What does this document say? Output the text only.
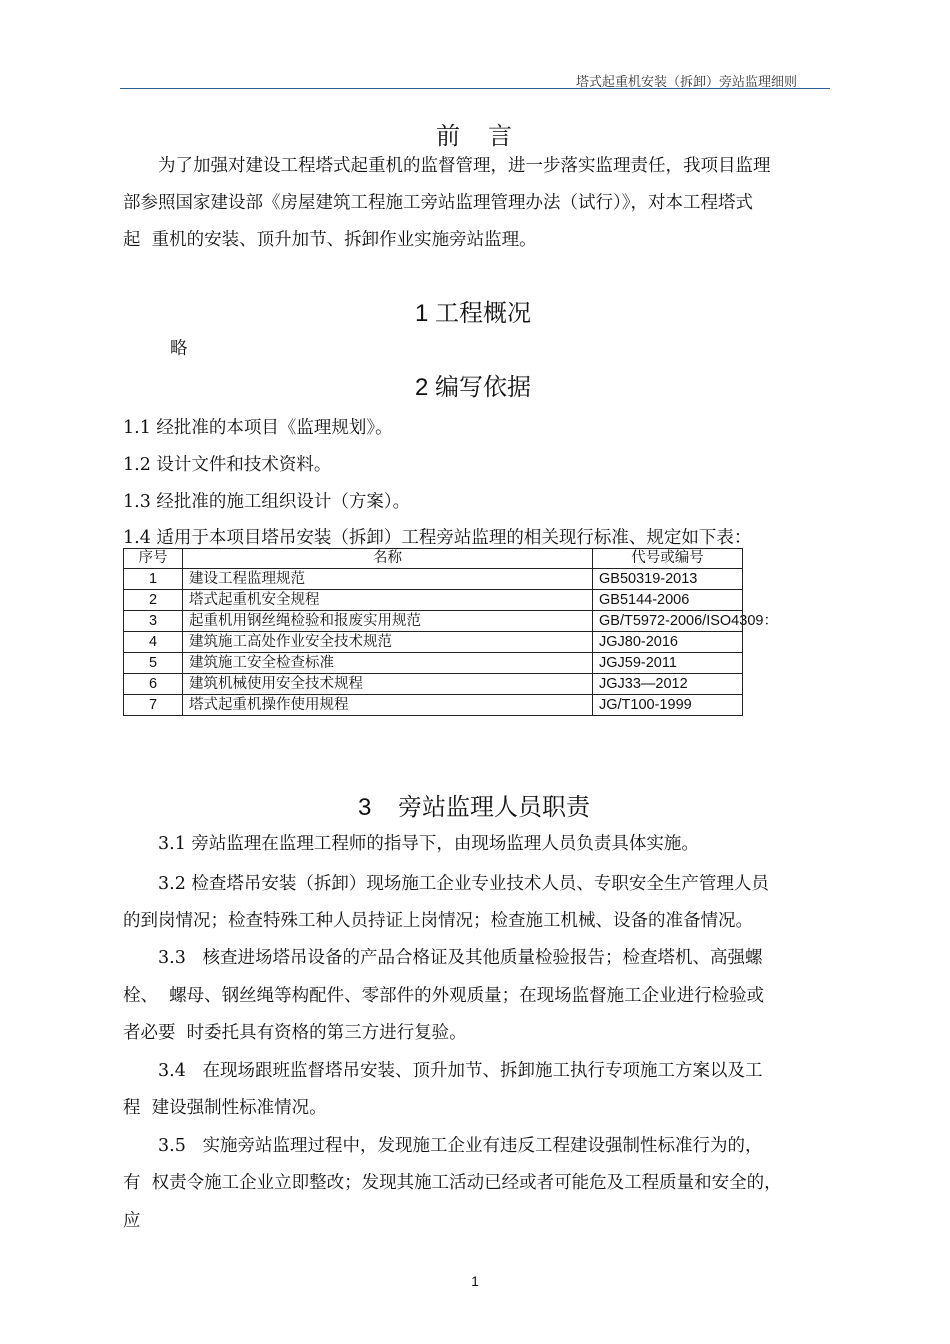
塔式起重机安装（拆卸）旁站监理细则
前　言
为了加强对建设工程塔式起重机的监督管理，进一步落实监理责任，我项目监理
部参照国家建设部《房屋建筑工程施工旁站监理管理办法（试行）》，对本工程塔式
起  重机的安装、顶升加节、拆卸作业实施旁站监理。
1 工程概况
略
2 编写依据
1.1 经批准的本项目《监理规划》。
1.2 设计文件和技术资料。
1.3 经批准的施工组织设计（方案）。
1.4 适用于本项目塔吊安装（拆卸）工程旁站监理的相关现行标准、规定如下表：
序号	名称	代号或编号
1	建设工程监理规范	GB50319-2013
2	塔式起重机安全规程	GB5144-2006
3	起重机用钢丝绳检验和报废实用规范	GB/T5972-2006/ISO4309：
4	建筑施工高处作业安全技术规范	JGJ80-2016
5	建筑施工安全检查标准	JGJ59-2011
6	建筑机械使用安全技术规程	JGJ33—2012
7	塔式起重机操作使用规程	JG/T100-1999
3    旁站监理人员职责
3.1 旁站监理在监理工程师的指导下，由现场监理人员负责具体实施。
3.2 检查塔吊安装（拆卸）现场施工企业专业技术人员、专职安全生产管理人员
的到岗情况；检查特殊工种人员持证上岗情况；检查施工机械、设备的准备情况。
3.3   核查进场塔吊设备的产品合格证及其他质量检验报告；检查塔机、高强螺
栓、  螺母、钢丝绳等构配件、零部件的外观质量；在现场监督施工企业进行检验或
者必要  时委托具有资格的第三方进行复验。
3.4   在现场跟班监督塔吊安装、顶升加节、拆卸施工执行专项施工方案以及工
程  建设强制性标准情况。
3.5   实施旁站监理过程中，发现施工企业有违反工程建设强制性标准行为的，
有  权责令施工企业立即整改；发现其施工活动已经或者可能危及工程质量和安全的，
应
1
